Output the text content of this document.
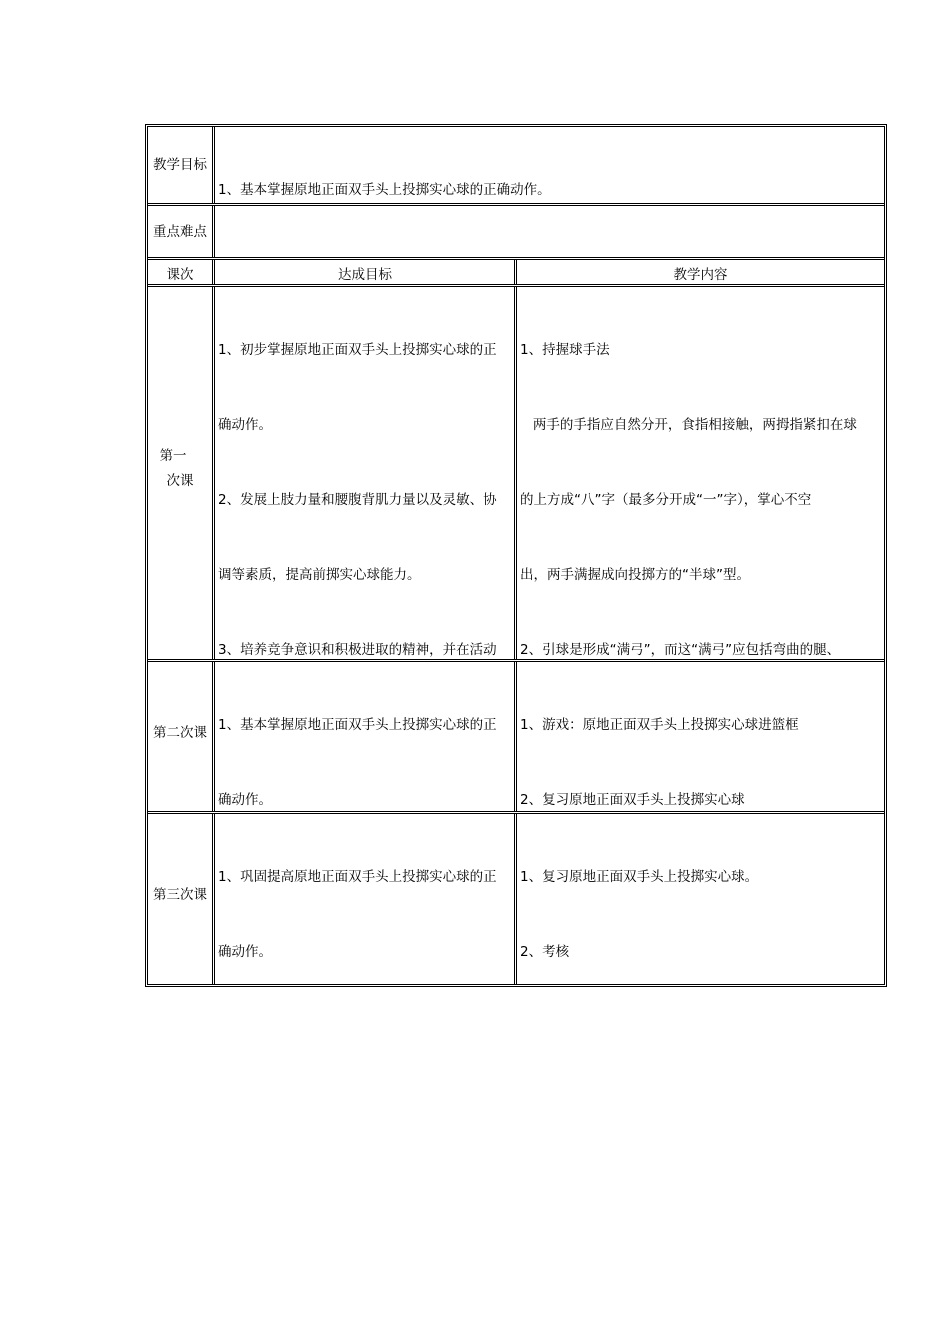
教学目标

1、基本掌握原地正面双手头上投掷实心球的正确动作。

重点难点

课次	达成目标	教学内容
第一
次课

1、初步掌握原地正面双手头上投掷实心球的正

确动作。

2、发展上肢力量和腰腹背肌力量以及灵敏、协

调等素质，提高前掷实心球能力。

3、培养竞争意识和积极进取的精神，并在活动

1、持握球手法

两手的手指应自然分开，食指相接触，两拇指紧扣在球

的上方成“八”字（最多分开成“一”字），掌心不空

出，两手满握成向投掷方的“半球”型。

2、引球是形成“满弓”，而这“满弓”应包括弯曲的腿、

第二次课

1、基本掌握原地正面双手头上投掷实心球的正

确动作。

1、游戏：原地正面双手头上投掷实心球进篮框

2、复习原地正面双手头上投掷实心球

第三次课

1、巩固提高原地正面双手头上投掷实心球的正

确动作。

1、复习原地正面双手头上投掷实心球。

2、考核
